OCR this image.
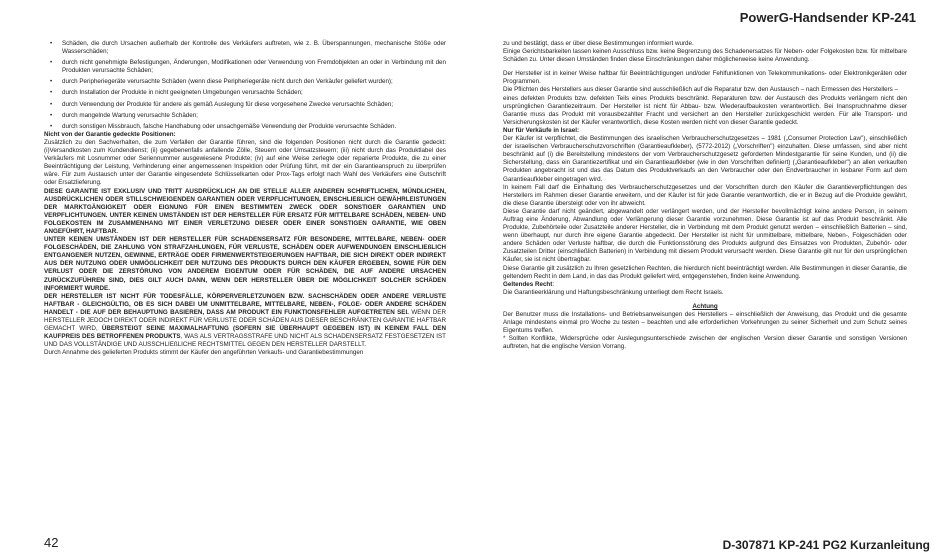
PowerG-Handsender KP-241
• Schäden, die durch Ursachen außerhalb der Kontrolle des Verkäufers auftreten, wie z. B. Überspannungen, mechanische Stöße oder Wasserschäden;
• durch nicht genehmigte Befestigungen, Änderungen, Modifikationen oder Verwendung von Fremdobjekten an oder in Verbindung mit den Produkten verursachte Schäden;
• durch Peripheriegeräte verursachte Schäden (wenn diese Peripheriegeräte nicht durch den Verkäufer geliefert wurden);
• durch Installation der Produkte in nicht geeigneten Umgebungen verursachte Schäden;
• durch Verwendung der Produkte für andere als gemäß Auslegung für diese vorgesehene Zwecke verursachte Schäden;
• durch mangelnde Wartung verursachte Schäden;
• durch sonstigen Missbrauch, falsche Handhabung oder unsachgemäße Verwendung der Produkte verursachte Schäden.

Nicht von der Garantie gedeckte Positionen:

Zusätzlich zu den Sachverhalten, die zum Verfallen der Garantie führen, sind die folgenden Positionen nicht durch die Garantie gedeckt: (i)Versandkosten zum Kundendienst; (ii) gegebenenfalls anfallende Zölle, Steuern oder Umsatzsteuern; (iii) nicht durch das Produktlabel des Verkäufers mit Losnummer oder Seriennummer ausgewiesene Produkte; (iv) auf eine Weise zerlegte oder reparierte Produkte, die zu einer Beeinträchtigung der Leistung, Verhinderung einer angemessenen Inspektion oder Prüfung führt, mit der ein Garantieanspruch zu überprüfen wäre. Für zum Austausch unter der Garantie eingesendete Schlüsselkarten oder Prox-Tags erfolgt nach Wahl des Verkäufers eine Gutschrift oder Ersatzlieferung.

DIESE GARANTIE IST EXKLUSIV UND TRITT AUSDRÜCKLICH AN DIE STELLE ALLER ANDEREN SCHRIFTLICHEN, MÜNDLICHEN, AUSDRÜCKLICHEN ODER STILLSCHWEIGENDEN GARANTIEN ODER VERPFLICHTUNGEN, EINSCHLIEßLICH GEWÄHRLEISTUNGEN DER MARKTGÄNGIGKEIT ODER EIGNUNG FÜR EINEN BESTIMMTEN ZWECK ODER SONSTIGER GARANTIEN UND VERPFLICHTUNGEN. UNTER KEINEN UMSTÄNDEN IST DER HERSTELLER FÜR ERSATZ FÜR MITTELBARE SCHÄDEN, NEBEN- UND FOLGEKOSTEN IM ZUSAMMENHANG MIT EINER VERLETZUNG DIESER ODER EINER SONSTIGEN GARANTIE, WIE OBEN ANGEFÜHRT, HAFTBAR.

UNTER KEINEN UMSTÄNDEN IST DER HERSTELLER FÜR SCHADENSERSATZ FÜR BESONDERE, MITTELBARE, NEBEN- ODER FOLGESCHÄDEN, DIE ZAHLUNG VON STRAFZAHLUNGEN, FÜR VERLUSTE, SCHÄDEN ODER AUFWENDUNGEN EINSCHLIEßLICH ENTGANGENER NUTZEN, GEWINNE, ERTRÄGE ODER FIRMENWERTSTEIGERUNGEN HAFTBAR, DIE SICH DIREKT ODER INDIREKT AUS DER NUTZUNG ODER UNMÖGLICHKEIT DER NUTZUNG DES PRODUKTS DURCH DEN KÄUFER ERGEBEN, SOWIE FÜR DEN VERLUST ODER DIE ZERSTÖRUNG VON ANDEREM EIGENTUM ODER FÜR SCHÄDEN, DIE AUF ANDERE URSACHEN ZURÜCKZUFÜHREN SIND, DIES GILT AUCH DANN, WENN DER HERSTELLER ÜBER DIE MÖGLICHKEIT SOLCHER SCHÄDEN INFORMIERT WURDE.

DER HERSTELLER IST NICHT FÜR TODESFÄLLE, KÖRPERVERLETZUNGEN BZW. SACHSCHÄDEN ODER ANDERE VERLUSTE HAFTBAR - GLEICHGÜLTIG, OB ES SICH DABEI UM UNMITTELBARE, MITTELBARE, NEBEN-, FOLGE- ODER ANDERE SCHÄDEN HANDELT - DIE AUF DER BEHAUPTUNG BASIEREN, DASS AM PRODUKT EIN FUNKTIONSFEHLER AUFGETRETEN SEI. WENN DER HERSTELLER JEDOCH DIREKT ODER INDIREKT FÜR VERLUSTE ODER SCHÄDEN AUS DIESER BESCHRÄNKTEN GARANTIE HAFTBAR GEMACHT WIRD, ÜBERSTEIGT SEINE MAXIMALHAFTUNG (SOFERN SIE ÜBERHAUPT GEGEBEN IST) IN KEINEM FALL DEN KAUFPREIS DES BETROFFENEN PRODUKTS, WAS ALS VERTRAGSSTRAFE UND NICHT ALS SCHADENSERSATZ FESTGESETZEN IST UND DAS VOLLSTÄNDIGE UND AUSSCHLIEßLICHE RECHTSMITTEL GEGEN DEN HERSTELLER DARSTELLT.

Durch Annahme des gelieferten Produkts stimmt der Käufer den angeführten Verkaufs- und Garantiebestimmungen

zu und bestätigt, dass er über diese Bestimmungen informiert wurde.

Einige Gerichtsbarkeiten lassen keinen Ausschluss bzw. keine Begrenzung des Schadenersatzes für Neben- oder Folgekosten bzw. für mittelbare Schäden zu. Unter diesen Umständen finden diese Einschränkungen daher möglicherweise keine Anwendung.

Der Hersteller ist in keiner Weise haftbar für Beeinträchtigungen und/oder Fehlfunktionen von Telekommunikations- oder Elektronikgeräten oder Programmen.

Die Pflichten des Herstellers aus dieser Garantie sind ausschließlich auf die Reparatur bzw. den Austausch – nach Ermessen des Herstellers –

eines defekten Produkts bzw. defekten Teils eines Produkts beschränkt. Reparaturen bzw. der Austausch des Produkts verlängern nicht den ursprünglichen Garantiezeitraum. Der Hersteller ist nicht für Abbau- bzw. Wiederaufbaukosten verantwortlich. Bei Inanspruchnahme dieser Garantie muss das Produkt mit vorausbezahlter Fracht und versichert an den Hersteller zurückgeschickt werden. Für alle Transport- und Versicherungskosten ist der Käufer verantwortlich, diese Kosten werden nicht von dieser Garantie gedeckt.

Nur für Verkäufe in Israel:

Der Käufer ist verpflichtet, die Bestimmungen des israelischen Verbraucherschutzgesetzes – 1981 („Consumer Protection Law"), einschließlich der israelischen Verbraucherschutzvorschriften (Garantieaufkleber), (5772-2012) („Vorschriften") einzuhalten. Diese umfassen, sind aber nicht beschränkt auf (i) die Bereitstellung mindestens der vom Verbraucherschutzgesetz geforderten Mindestgarantie für seine Kunden, und (ii) die Sicherstellung, dass ein Garantiezertifikat und ein Garantieaufkleber (wie in den Vorschriften definiert) („Garantieaufkleber") an allen verkauften Produkten angebracht ist und das das Datum des Produktverkaufs an den Verbraucher oder den Endverbraucher in lesbarer Form auf dem Garantieaufkleber eingetragen wird.

In keinem Fall darf die Einhaltung des Verbraucherschutzgesetzes und der Vorschriften durch den Käufer die Garantieverpflichtungen des Herstellers im Rahmen dieser Garantie erweitern, und der Käufer ist für jede Garantie verantwortlich, die er in Bezug auf die Produkte gewährt, die diese Garantie übersteigt oder von ihr abweicht.

Diese Garantie darf nicht geändert, abgewandelt oder verlängert werden, und der Hersteller bevollmächtigt keine andere Person, in seinem Auftrag eine Änderung, Abwandlung oder Verlängerung dieser Garantie vorzunehmen. Diese Garantie ist auf das Produkt beschränkt. Alle Produkte, Zubehörteile oder Zusatzteile anderer Hersteller, die in Verbindung mit dem Produkt genutzt werden – einschließlich Batterien – sind, wenn überhaupt, nur durch ihre eigene Garantie abgedeckt. Der Hersteller ist nicht für unmittelbare, mittelbare, Neben-, Folgeschäden oder andere Schäden oder Verluste haftbar, die durch die Funktionsstörung des Produkts aufgrund des Einsatzes von Produkten, Zubehör- oder Zusatzteilen Dritter (einschließlich Batterien) in Verbindung mit diesem Produkt verursacht werden. Diese Garantie gilt nur für den ursprünglichen Käufer, sie ist nicht übertragbar.

Diese Garantie gilt zusätzlich zu Ihren gesetzlichen Rechten, die hierdurch nicht beeinträchtigt werden. Alle Bestimmungen in dieser Garantie, die geltendem Recht in dem Land, in das das Produkt geliefert wird, entgegenstehen, finden keine Anwendung.

Geltendes Recht:

Die Garantieerklärung und Haftungsbeschränkung unterliegt dem Recht Israels.

Achtung

Der Benutzer muss die Installations- und Betriebsanweisungen des Herstellers – einschließlich der Anweisung, das Produkt und die gesamte Anlage mindestens einmal pro Woche zu testen – beachten und alle erforderlichen Vorkehrungen zu seiner Sicherheit und zum Schutz seines Eigentums treffen.

* Sollten Konflikte, Widersprüche oder Auslegungsunterschiede zwischen der englischen Version dieser Garantie und sonstigen Versionen auftreten, hat die englische Version Vorrang.

42	D-307871 KP-241 PG2 Kurzanleitung
